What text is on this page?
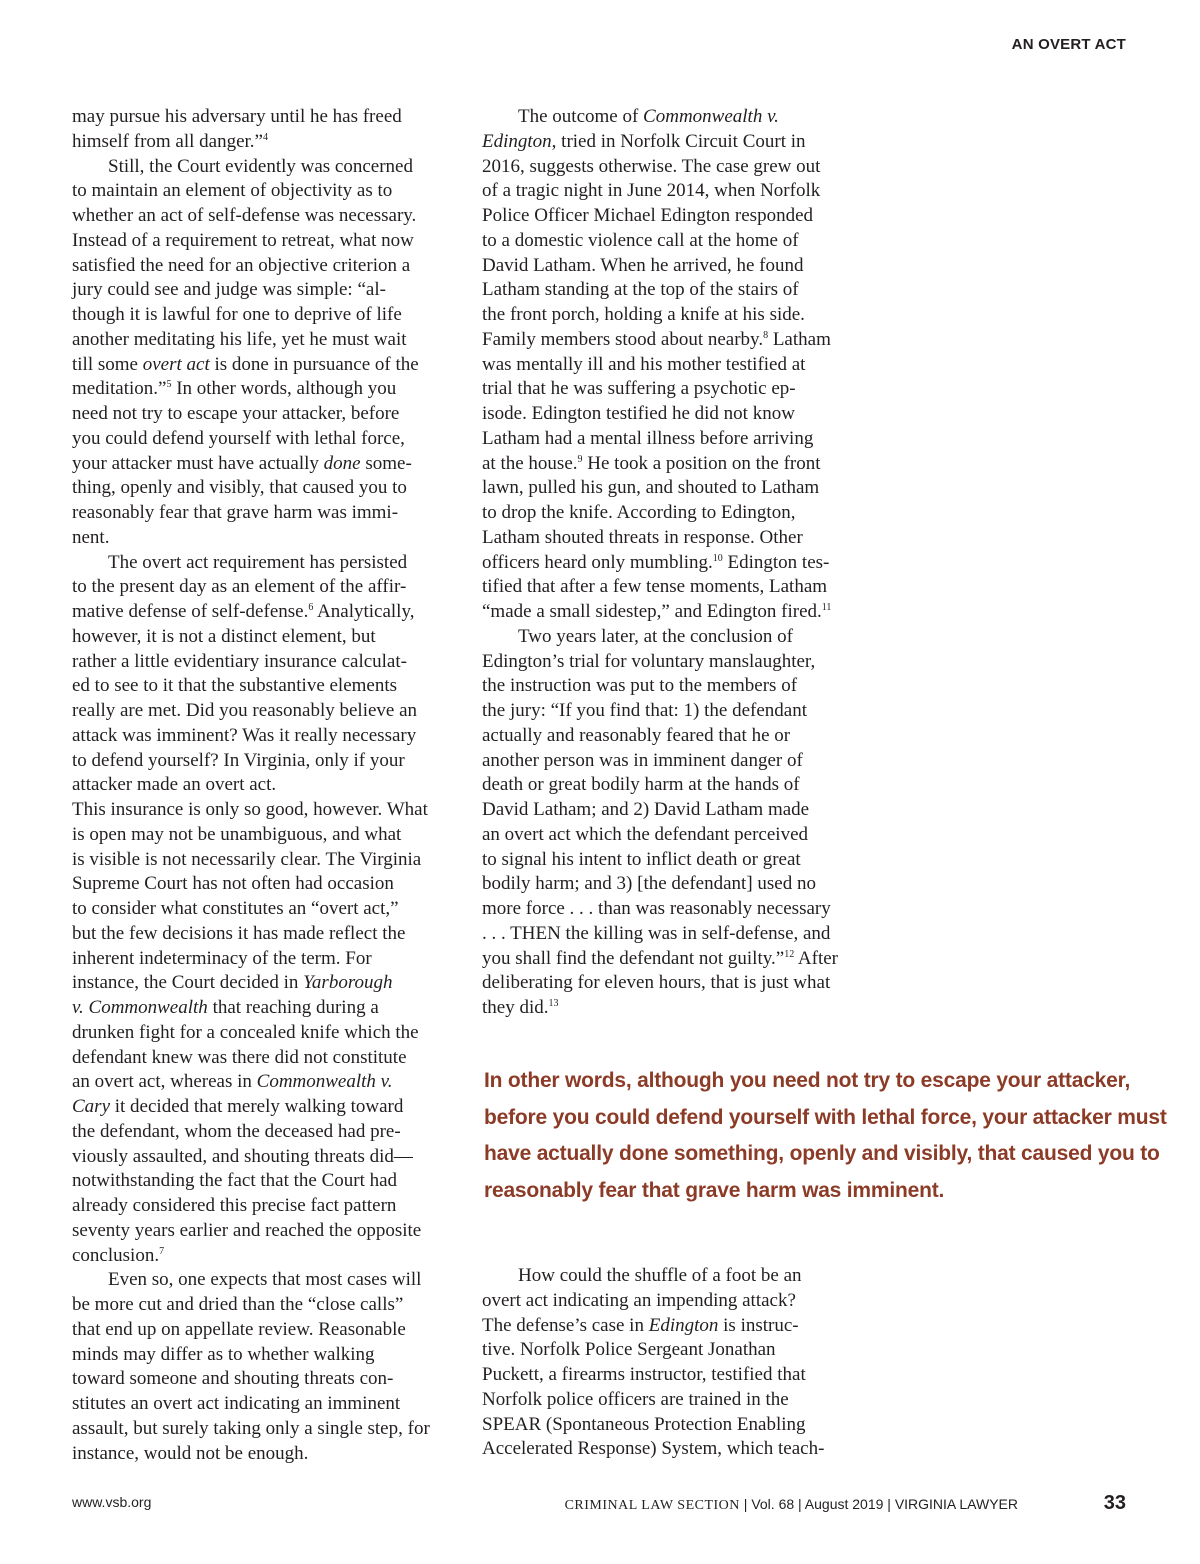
AN OVERT ACT
may pursue his adversary until he has freed
himself from all danger.”$^4$
Still, the Court evidently was concerned
to maintain an element of objectivity as to
whether an act of self-defense was necessary.
Instead of a requirement to retreat, what now
satisfied the need for an objective criterion a
jury could see and judge was simple: “al-
though it is lawful for one to deprive of life
another meditating his life, yet he must wait
till some overt act is done in pursuance of the
meditation.”$^5$ In other words, although you
need not try to escape your attacker, before
you could defend yourself with lethal force,
your attacker must have actually done some-
thing, openly and visibly, that caused you to
reasonably fear that grave harm was immi-
nent.
The overt act requirement has persisted
to the present day as an element of the affir-
mative defense of self-defense.$^6$ Analytically,
however, it is not a distinct element, but
rather a little evidentiary insurance calculat-
ed to see to it that the substantive elements
really are met. Did you reasonably believe an
attack was imminent? Was it really necessary
to defend yourself? In Virginia, only if your
attacker made an overt act.
This insurance is only so good, however. What
is open may not be unambiguous, and what
is visible is not necessarily clear. The Virginia
Supreme Court has not often had occasion
to consider what constitutes an “overt act,”
but the few decisions it has made reflect the
inherent indeterminacy of the term. For
instance, the Court decided in Yarborough
v. Commonwealth that reaching during a
drunken fight for a concealed knife which the
defendant knew was there did not constitute
an overt act, whereas in Commonwealth v.
Cary it decided that merely walking toward
the defendant, whom the deceased had pre-
viously assaulted, and shouting threats did—
notwithstanding the fact that the Court had
already considered this precise fact pattern
seventy years earlier and reached the opposite
conclusion.$^7$
Even so, one expects that most cases will
be more cut and dried than the “close calls”
that end up on appellate review. Reasonable
minds may differ as to whether walking
toward someone and shouting threats con-
stitutes an overt act indicating an imminent
assault, but surely taking only a single step, for
instance, would not be enough.
The outcome of Commonwealth v.
Edington, tried in Norfolk Circuit Court in
2016, suggests otherwise. The case grew out
of a tragic night in June 2014, when Norfolk
Police Officer Michael Edington responded
to a domestic violence call at the home of
David Latham. When he arrived, he found
Latham standing at the top of the stairs of
the front porch, holding a knife at his side.
Family members stood about nearby.$^8$ Latham
was mentally ill and his mother testified at
trial that he was suffering a psychotic ep-
isode. Edington testified he did not know
Latham had a mental illness before arriving
at the house.$^9$ He took a position on the front
lawn, pulled his gun, and shouted to Latham
to drop the knife. According to Edington,
Latham shouted threats in response. Other
officers heard only mumbling.$^{10}$ Edington tes-
tified that after a few tense moments, Latham
“made a small sidestep,” and Edington fired.$^{11}$
Two years later, at the conclusion of
Edington’s trial for voluntary manslaughter,
the instruction was put to the members of
the jury: “If you find that: 1) the defendant
actually and reasonably feared that he or
another person was in imminent danger of
death or great bodily harm at the hands of
David Latham; and 2) David Latham made
an overt act which the defendant perceived
to signal his intent to inflict death or great
bodily harm; and 3) [the defendant] used no
more force . . . than was reasonably necessary
. . . THEN the killing was in self-defense, and
you shall find the defendant not guilty.”$^{12}$ After
deliberating for eleven hours, that is just what
they did.$^{13}$
In other words, although you need not try to escape your attacker,
before you could defend yourself with lethal force, your attacker must
have actually done something, openly and visibly, that caused you to
reasonably fear that grave harm was imminent.
How could the shuffle of a foot be an
overt act indicating an impending attack?
The defense’s case in Edington is instruc-
tive. Norfolk Police Sergeant Jonathan
Puckett, a firearms instructor, testified that
Norfolk police officers are trained in the
SPEAR (Spontaneous Protection Enabling
Accelerated Response) System, which teach-
www.vsb.org	CRIMINAL LAW SECTION | Vol. 68 | August 2019 | VIRGINIA LAWYER	33
